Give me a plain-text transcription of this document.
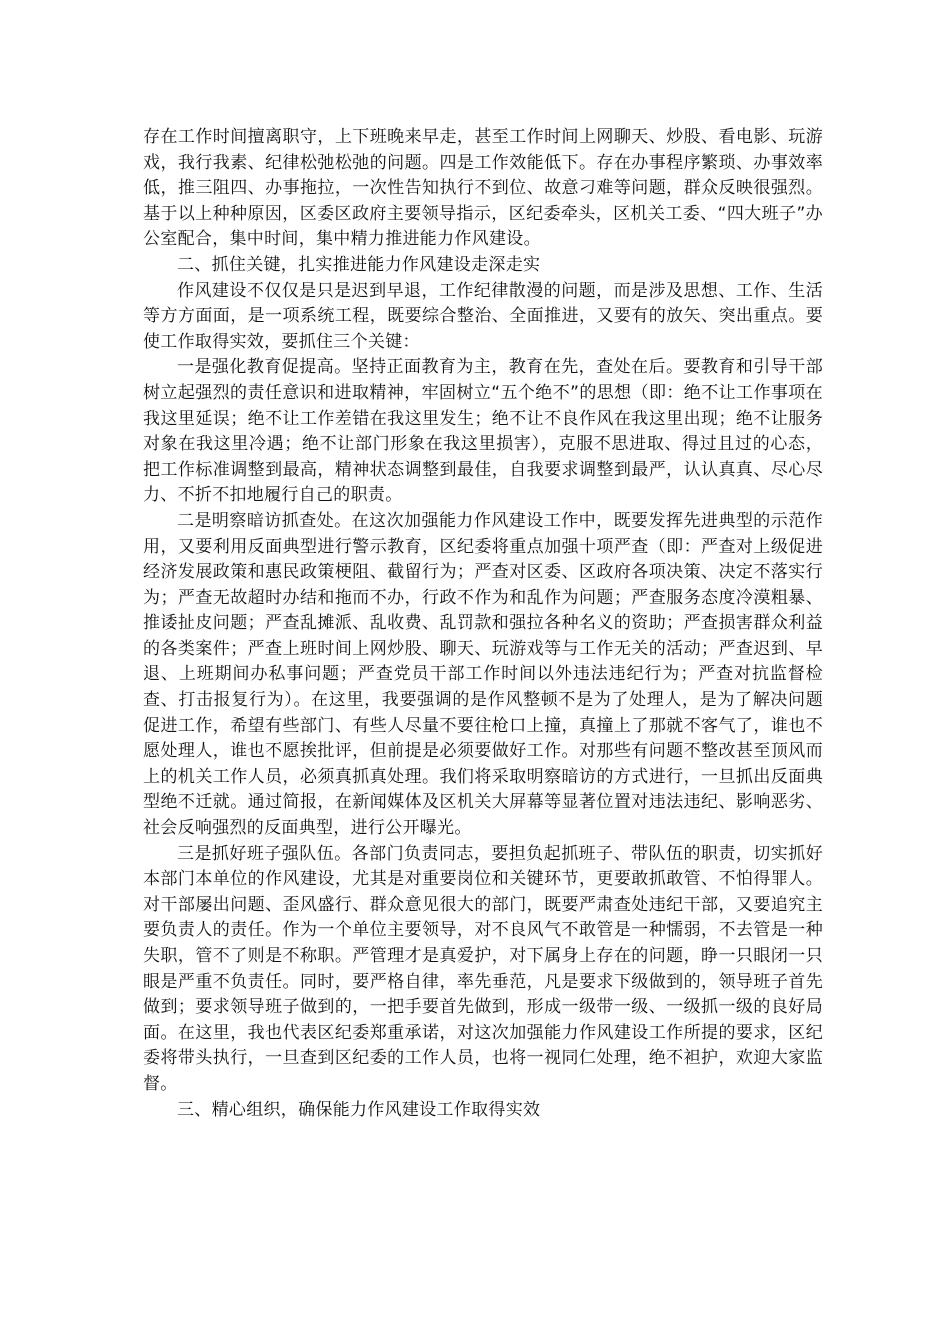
存在工作时间擅离职守，上下班晚来早走，甚至工作时间上网聊天、炒股、看电影、玩游戏，我行我素、纪律松弛松弛的问题。四是工作效能低下。存在办事程序繁琐、办事效率低，推三阻四、办事拖拉，一次性告知执行不到位、故意刁难等问题，群众反映很强烈。基于以上种种原因，区委区政府主要领导指示，区纪委牵头，区机关工委、“四大班子”办公室配合，集中时间，集中精力推进能力作风建设。

二、抓住关键，扎实推进能力作风建设走深走实

作风建设不仅仅是只是迟到早退，工作纪律散漫的问题，而是涉及思想、工作、生活等方方面面，是一项系统工程，既要综合整治、全面推进，又要有的放矢、突出重点。要使工作取得实效，要抓住三个关键：

一是强化教育促提高。坚持正面教育为主，教育在先，查处在后。要教育和引导干部树立起强烈的责任意识和进取精神，牢固树立“五个绝不”的思想（即：绝不让工作事项在我这里延误；绝不让工作差错在我这里发生；绝不让不良作风在我这里出现；绝不让服务对象在我这里冷遇；绝不让部门形象在我这里损害），克服不思进取、得过且过的心态，把工作标准调整到最高，精神状态调整到最佳，自我要求调整到最严，认认真真、尽心尽力、不折不扣地履行自己的职责。

二是明察暗访抓查处。在这次加强能力作风建设工作中，既要发挥先进典型的示范作用，又要利用反面典型进行警示教育，区纪委将重点加强十项严查（即：严查对上级促进经济发展政策和惠民政策梗阻、截留行为；严查对区委、区政府各项决策、决定不落实行为；严查无故超时办结和拖而不办，行政不作为和乱作为问题；严查服务态度冷漠粗暴、推诿扯皮问题；严查乱摊派、乱收费、乱罚款和强拉各种名义的资助；严查损害群众利益的各类案件；严查上班时间上网炒股、聊天、玩游戏等与工作无关的活动；严查迟到、早退、上班期间办私事问题；严查党员干部工作时间以外违法违纪行为；严查对抗监督检查、打击报复行为）。在这里，我要强调的是作风整顿不是为了处理人，是为了解决问题促进工作，希望有些部门、有些人尽量不要往枪口上撞，真撞上了那就不客气了，谁也不愿处理人，谁也不愿挨批评，但前提是必须要做好工作。对那些有问题不整改甚至顶风而上的机关工作人员，必须真抓真处理。我们将采取明察暗访的方式进行，一旦抓出反面典型绝不迁就。通过简报，在新闻媒体及区机关大屏幕等显著位置对违法违纪、影响恶劣、社会反响强烈的反面典型，进行公开曝光。

三是抓好班子强队伍。各部门负责同志，要担负起抓班子、带队伍的职责，切实抓好本部门本单位的作风建设，尤其是对重要岗位和关键环节，更要敢抓敢管、不怕得罪人。对干部屡出问题、歪风盛行、群众意见很大的部门，既要严肃查处违纪干部，又要追究主要负责人的责任。作为一个单位主要领导，对不良风气不敢管是一种懦弱，不去管是一种失职，管不了则是不称职。严管理才是真爱护，对下属身上存在的问题，睁一只眼闭一只眼是严重不负责任。同时，要严格自律，率先垂范，凡是要求下级做到的，领导班子首先做到；要求领导班子做到的，一把手要首先做到，形成一级带一级、一级抓一级的良好局面。在这里，我也代表区纪委郑重承诺，对这次加强能力作风建设工作所提的要求，区纪委将带头执行，一旦查到区纪委的工作人员，也将一视同仁处理，绝不袒护，欢迎大家监督。

三、精心组织，确保能力作风建设工作取得实效
